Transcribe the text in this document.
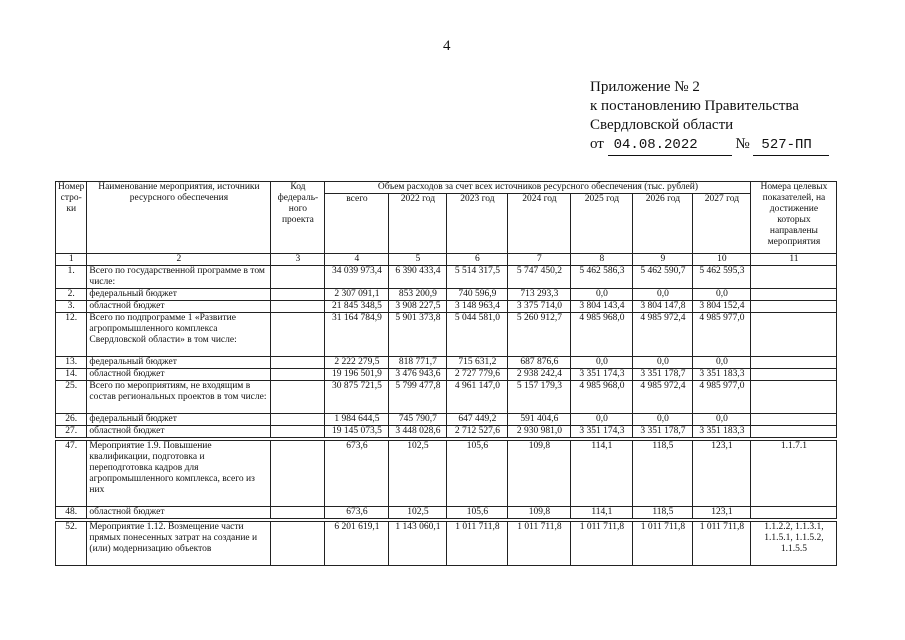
4
Приложение № 2
к постановлению Правительства
Свердловской области
от 04.08.2022	№ 527-ПП
Номер стро-ки	Наименование мероприятия, источники ресурсного обеспечения	Код федераль-ного проекта	Объем расходов за счет всех источников ресурсного обеспечения (тыс. рублей)							Номера целевых показателей, на достижение которых направлены мероприятия
			всего	2022 год	2023 год	2024 год	2025 год	2026 год	2027 год	
1	2	3	4	5	6	7	8	9	10	11
1.	Всего по государственной программе в том числе:		34 039 973,4	6 390 433,4	5 514 317,5	5 747 450,2	5 462 586,3	5 462 590,7	5 462 595,3	
2.	федеральный бюджет		2 307 091,1	853 200,9	740 596,9	713 293,3	0,0	0,0	0,0	
3.	областной бюджет		21 845 348,5	3 908 227,5	3 148 963,4	3 375 714,0	3 804 143,4	3 804 147,8	3 804 152,4	
12.	Всего по подпрограмме 1 «Развитие агропромышленного комплекса Свердловской области» в том числе:		31 164 784,9	5 901 373,8	5 044 581,0	5 260 912,7	4 985 968,0	4 985 972,4	4 985 977,0	
13.	федеральный бюджет		2 222 279,5	818 771,7	715 631,2	687 876,6	0,0	0,0	0,0	
14.	областной бюджет		19 196 501,9	3 476 943,6	2 727 779,6	2 938 242,4	3 351 174,3	3 351 178,7	3 351 183,3	
25.	Всего по мероприятиям, не входящим в состав региональных проектов в том числе:		30 875 721,5	5 799 477,8	4 961 147,0	5 157 179,3	4 985 968,0	4 985 972,4	4 985 977,0	
26.	федеральный бюджет		1 984 644,5	745 790,7	647 449,2	591 404,6	0,0	0,0	0,0	
27.	областной бюджет		19 145 073,5	3 448 028,6	2 712 527,6	2 930 981,0	3 351 174,3	3 351 178,7	3 351 183,3	

47.	Мероприятие 1.9. Повышение квалификации, подготовка и переподготовка кадров для агропромышленного комплекса, всего из них		673,6	102,5	105,6	109,8	114,1	118,5	123,1	1.1.7.1
48.	областной бюджет		673,6	102,5	105,6	109,8	114,1	118,5	123,1	

52.	Мероприятие 1.12. Возмещение части прямых понесенных затрат на создание и (или) модернизацию объектов		6 201 619,1	1 143 060,1	1 011 711,8	1 011 711,8	1 011 711,8	1 011 711,8	1 011 711,8	1.1.2.2, 1.1.3.1, 1.1.5.1, 1.1.5.2, 1.1.5.5
